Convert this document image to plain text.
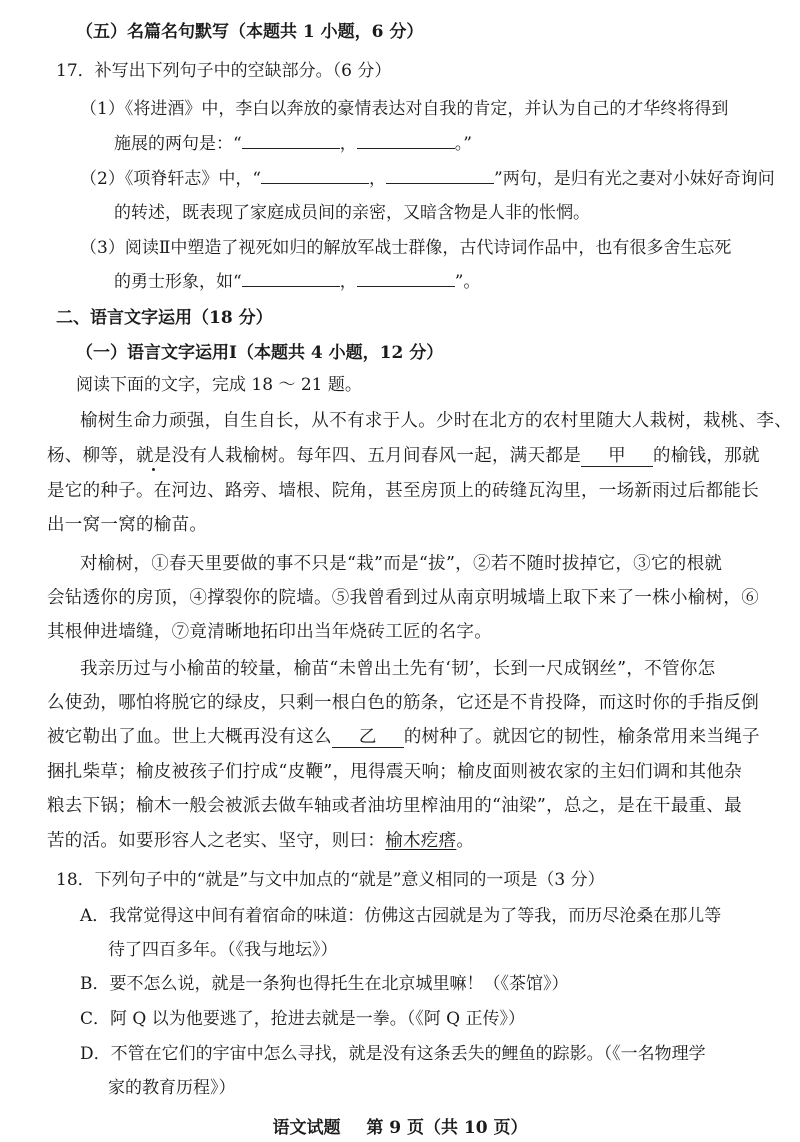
（五）名篇名句默写（本题共 1 小题，6 分）
17．补写出下列句子中的空缺部分。（6 分）
（1）《将进酒》中，李白以奔放的豪情表达对自我的肯定，并认为自己的才华终将得到
施展的两句是：“	，	。”
（2）《项脊轩志》中，“	，	”两句，是归有光之妻对小妹好奇询问
的转述，既表现了家庭成员间的亲密，又暗含物是人非的怅惘。
（3）阅读Ⅱ中塑造了视死如归的解放军战士群像，古代诗词作品中，也有很多舍生忘死
的勇士形象，如“	，	”。
二、语言文字运用（18 分）
（一）语言文字运用Ⅰ（本题共 4 小题，12 分）
阅读下面的文字，完成 18 ～ 21 题。
榆树生命力顽强，自生自长，从不有求于人。少时在北方的农村里随大人栽树，栽桃、李、
杨、柳等，就是没有人栽榆树。每年四、五月间春风一起，满天都是 甲 的榆钱，那就
是它的种子。在河边、路旁、墙根、院角，甚至房顶上的砖缝瓦沟里，一场新雨过后都能长
出一窝一窝的榆苗。
对榆树，①春天里要做的事不只是“栽”而是“拔”，②若不随时拔掉它，③它的根就
会钻透你的房顶，④撑裂你的院墙。⑤我曾看到过从南京明城墙上取下来了一株小榆树，⑥
其根伸进墙缝，⑦竟清晰地拓印出当年烧砖工匠的名字。
我亲历过与小榆苗的较量，榆苗“未曾出土先有‘韧’，长到一尺成钢丝”，不管你怎
么使劲，哪怕将脱它的绿皮，只剩一根白色的筋条，它还是不肯投降，而这时你的手指反倒
被它勒出了血。世上大概再没有这么 乙 的树种了。就因它的韧性，榆条常用来当绳子
捆扎柴草；榆皮被孩子们拧成“皮鞭”，甩得震天响；榆皮面则被农家的主妇们调和其他杂
粮去下锅；榆木一般会被派去做车轴或者油坊里榨油用的“油梁”，总之，是在干最重、最
苦的活。如要形容人之老实、坚守，则曰：榆木疙瘩。
18．下列句子中的“就是”与文中加点的“就是”意义相同的一项是（3 分）
A．我常觉得这中间有着宿命的味道：仿佛这古园就是为了等我，而历尽沧桑在那儿等
待了四百多年。（《我与地坛》）
B．要不怎么说，就是一条狗也得托生在北京城里嘛！（《茶馆》）
C．阿 Q 以为他要逃了，抢进去就是一拳。（《阿 Q 正传》）
D．不管在它们的宇宙中怎么寻找，就是没有这条丢失的鲤鱼的踪影。（《一名物理学
家的教育历程》）
语文试题 第 9 页（共 10 页）
